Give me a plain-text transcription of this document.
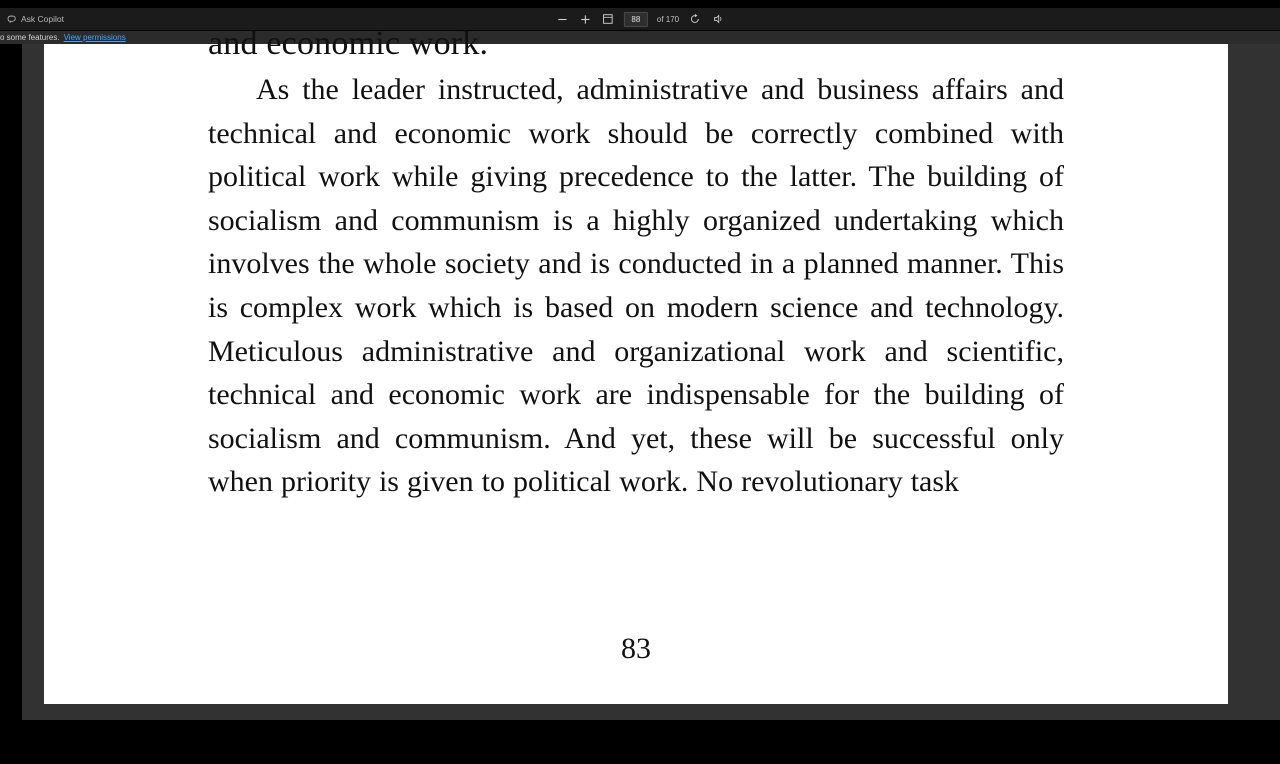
Ask Copilot	88	of 170
o some features. View permissions and economic work.
As the leader instructed, administrative and business affairs and technical and economic work should be correctly combined with political work while giving precedence to the latter. The building of socialism and communism is a highly organized undertaking which involves the whole society and is conducted in a planned manner. This is complex work which is based on modern science and technology. Meticulous administrative and organizational work and scientific, technical and economic work are indispensable for the building of socialism and communism. And yet, these will be successful only when priority is given to political work. No revolutionary task
83
